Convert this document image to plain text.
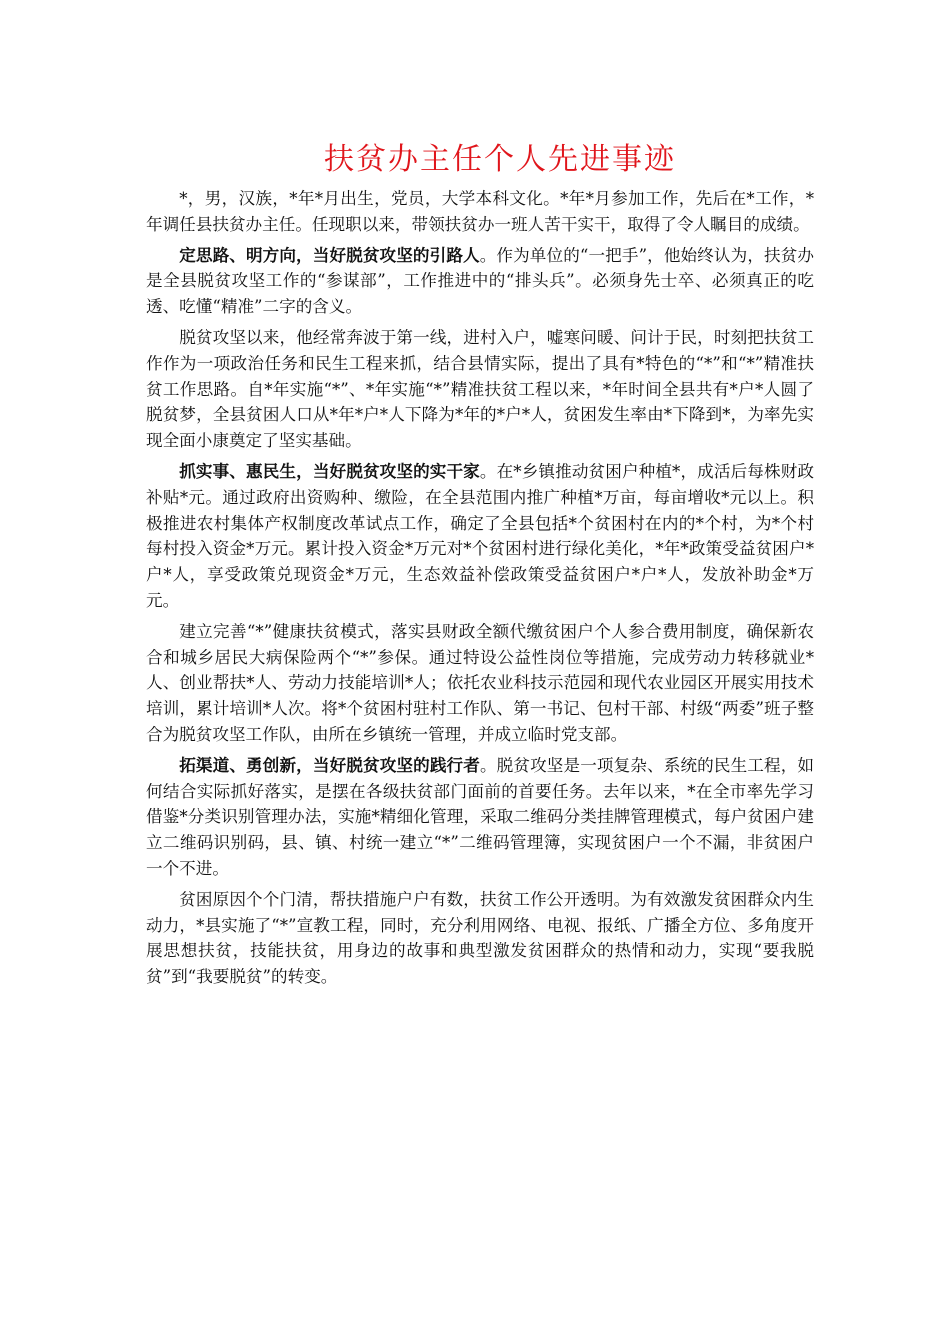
扶贫办主任个人先进事迹

*，男，汉族，*年*月出生，党员，大学本科文化。*年*月参加工作，先后在*工作，*年调任县扶贫办主任。任现职以来，带领扶贫办一班人苦干实干，取得了令人瞩目的成绩。

定思路、明方向，当好脱贫攻坚的引路人。作为单位的“一把手”，他始终认为，扶贫办是全县脱贫攻坚工作的“参谋部”，工作推进中的“排头兵”。必须身先士卒、必须真正的吃透、吃懂“精准”二字的含义。

脱贫攻坚以来，他经常奔波于第一线，进村入户，嘘寒问暖、问计于民，时刻把扶贫工作作为一项政治任务和民生工程来抓，结合县情实际，提出了具有*特色的“*”和“*”精准扶贫工作思路。自*年实施“*”、*年实施“*”精准扶贫工程以来，*年时间全县共有*户*人圆了脱贫梦，全县贫困人口从*年*户*人下降为*年的*户*人，贫困发生率由*下降到*，为率先实现全面小康奠定了坚实基础。

抓实事、惠民生，当好脱贫攻坚的实干家。在*乡镇推动贫困户种植*，成活后每株财政补贴*元。通过政府出资购种、缴险，在全县范围内推广种植*万亩，每亩增收*元以上。积极推进农村集体产权制度改革试点工作，确定了全县包括*个贫困村在内的*个村，为*个村每村投入资金*万元。累计投入资金*万元对*个贫困村进行绿化美化，*年*政策受益贫困户*户*人，享受政策兑现资金*万元，生态效益补偿政策受益贫困户*户*人，发放补助金*万元。

建立完善“*”健康扶贫模式，落实县财政全额代缴贫困户个人参合费用制度，确保新农合和城乡居民大病保险两个“*”参保。通过特设公益性岗位等措施，完成劳动力转移就业*人、创业帮扶*人、劳动力技能培训*人；依托农业科技示范园和现代农业园区开展实用技术培训，累计培训*人次。将*个贫困村驻村工作队、第一书记、包村干部、村级“两委”班子整合为脱贫攻坚工作队，由所在乡镇统一管理，并成立临时党支部。

拓渠道、勇创新，当好脱贫攻坚的践行者。脱贫攻坚是一项复杂、系统的民生工程，如何结合实际抓好落实，是摆在各级扶贫部门面前的首要任务。去年以来，*在全市率先学习借鉴*分类识别管理办法，实施*精细化管理，采取二维码分类挂牌管理模式，每户贫困户建立二维码识别码，县、镇、村统一建立“*”二维码管理簿，实现贫困户一个不漏，非贫困户一个不进。

贫困原因个个门清，帮扶措施户户有数，扶贫工作公开透明。为有效激发贫困群众内生动力，*县实施了“*”宣教工程，同时，充分利用网络、电视、报纸、广播全方位、多角度开展思想扶贫，技能扶贫，用身边的故事和典型激发贫困群众的热情和动力，实现“要我脱贫”到“我要脱贫”的转变。
